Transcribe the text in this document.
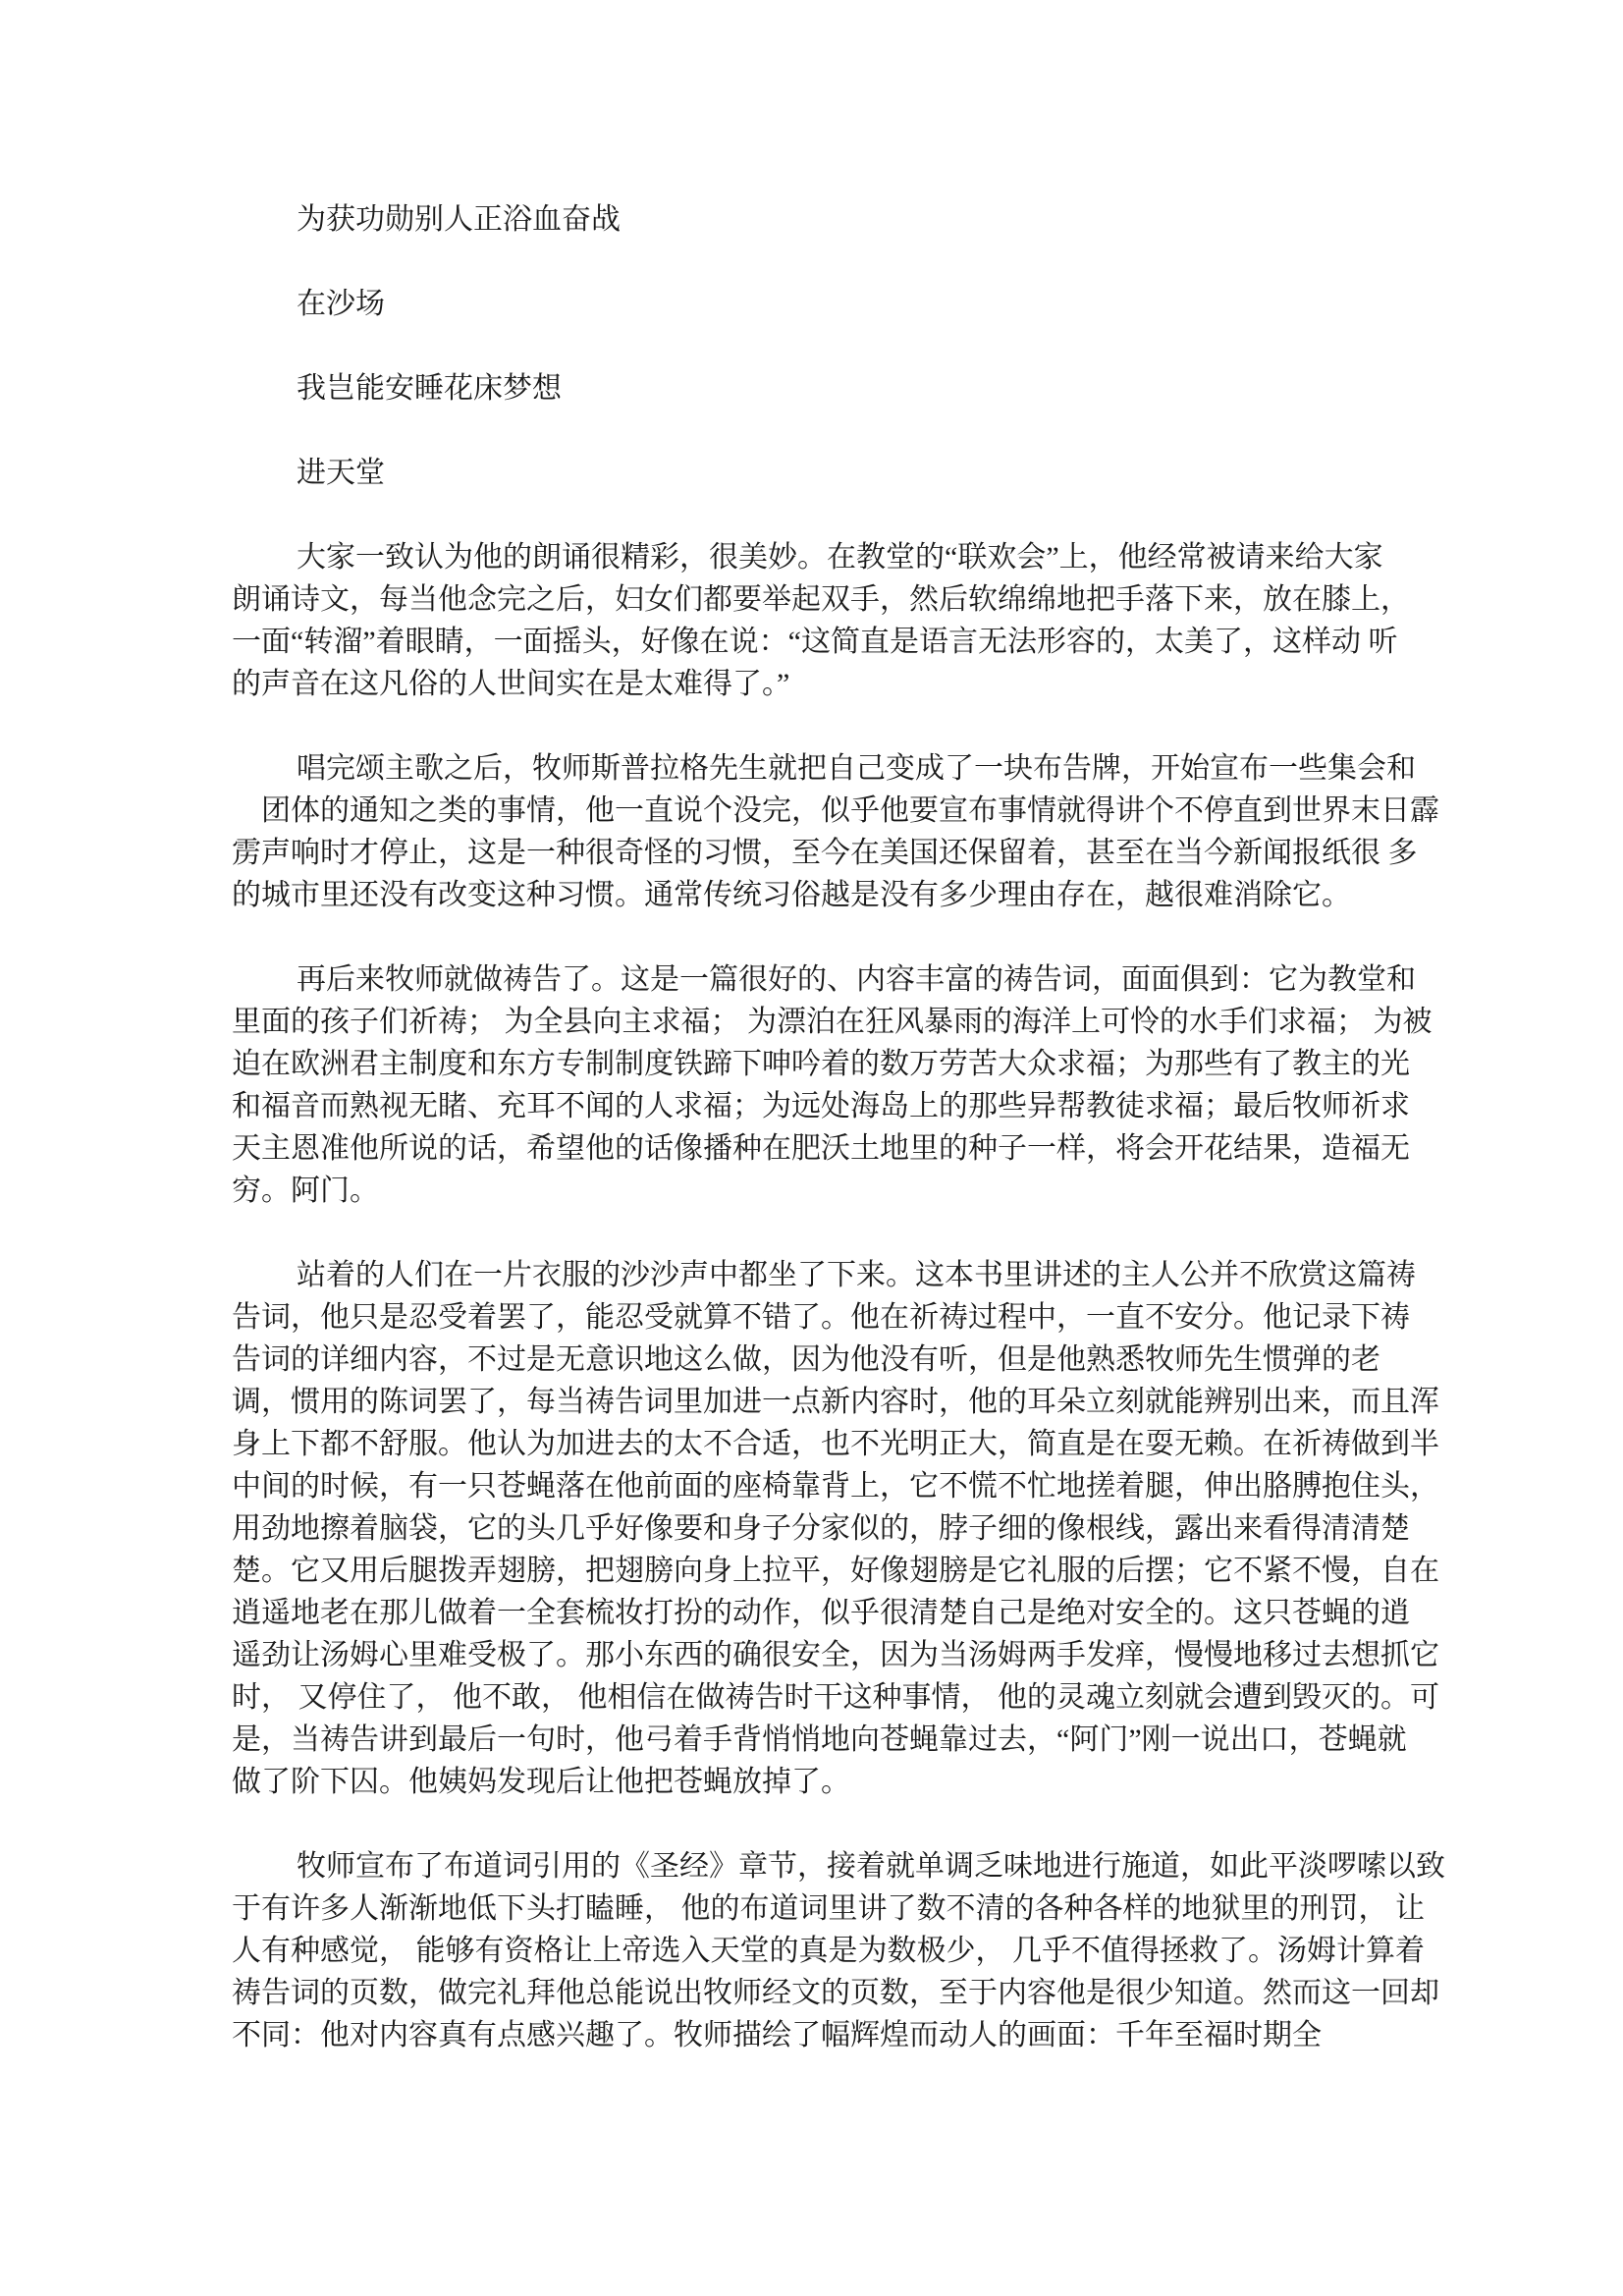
为获功勋别人正浴血奋战
在沙场
我岂能安睡花床梦想
进天堂
大家一致认为他的朗诵很精彩，很美妙。在教堂的“联欢会”上，他经常被请来给大家
朗诵诗文，每当他念完之后，妇女们都要举起双手，然后软绵绵地把手落下来，放在膝上，
一面“转溜”着眼睛，一面摇头，好像在说：“这简直是语言无法形容的，太美了，这样动 听
的声音在这凡俗的人世间实在是太难得了。”
唱完颂主歌之后，牧师斯普拉格先生就把自己变成了一块布告牌，开始宣布一些集会和
　团体的通知之类的事情，他一直说个没完，似乎他要宣布事情就得讲个不停直到世界末日霹
雳声响时才停止，这是一种很奇怪的习惯，至今在美国还保留着，甚至在当今新闻报纸很 多
的城市里还没有改变这种习惯。通常传统习俗越是没有多少理由存在，越很难消除它。
再后来牧师就做祷告了。这是一篇很好的、内容丰富的祷告词，面面俱到：它为教堂和
里面的孩子们祈祷； 为全县向主求福； 为漂泊在狂风暴雨的海洋上可怜的水手们求福； 为被
迫在欧洲君主制度和东方专制制度铁蹄下呻吟着的数万劳苦大众求福；为那些有了教主的光
和福音而熟视无睹、充耳不闻的人求福；为远处海岛上的那些异帮教徒求福；最后牧师祈求
天主恩准他所说的话，希望他的话像播种在肥沃土地里的种子一样，将会开花结果，造福无
穷。阿门。
站着的人们在一片衣服的沙沙声中都坐了下来。这本书里讲述的主人公并不欣赏这篇祷
告词，他只是忍受着罢了，能忍受就算不错了。他在祈祷过程中，一直不安分。他记录下祷
告词的详细内容，不过是无意识地这么做，因为他没有听，但是他熟悉牧师先生惯弹的老
调，惯用的陈词罢了，每当祷告词里加进一点新内容时，他的耳朵立刻就能辨别出来，而且浑
身上下都不舒服。他认为加进去的太不合适，也不光明正大，简直是在耍无赖。在祈祷做到半
中间的时候，有一只苍蝇落在他前面的座椅靠背上，它不慌不忙地搓着腿，伸出胳膊抱住头，
用劲地擦着脑袋，它的头几乎好像要和身子分家似的，脖子细的像根线，露出来看得清清楚
楚。它又用后腿拨弄翅膀，把翅膀向身上拉平，好像翅膀是它礼服的后摆；它不紧不慢，自在
逍遥地老在那儿做着一全套梳妆打扮的动作，似乎很清楚自己是绝对安全的。这只苍蝇的逍
遥劲让汤姆心里难受极了。那小东西的确很安全，因为当汤姆两手发痒，慢慢地移过去想抓它
时， 又停住了， 他不敢， 他相信在做祷告时干这种事情， 他的灵魂立刻就会遭到毁灭的。可
是，当祷告讲到最后一句时，他弓着手背悄悄地向苍蝇靠过去，“阿门”刚一说出口，苍蝇就
做了阶下囚。他姨妈发现后让他把苍蝇放掉了。
牧师宣布了布道词引用的《圣经》章节，接着就单调乏味地进行施道，如此平淡啰嗦以致
于有许多人渐渐地低下头打瞌睡， 他的布道词里讲了数不清的各种各样的地狱里的刑罚， 让
人有种感觉， 能够有资格让上帝选入天堂的真是为数极少， 几乎不值得拯救了。汤姆计算着
祷告词的页数，做完礼拜他总能说出牧师经文的页数，至于内容他是很少知道。然而这一回却
不同：他对内容真有点感兴趣了。牧师描绘了幅辉煌而动人的画面：千年至福时期全
